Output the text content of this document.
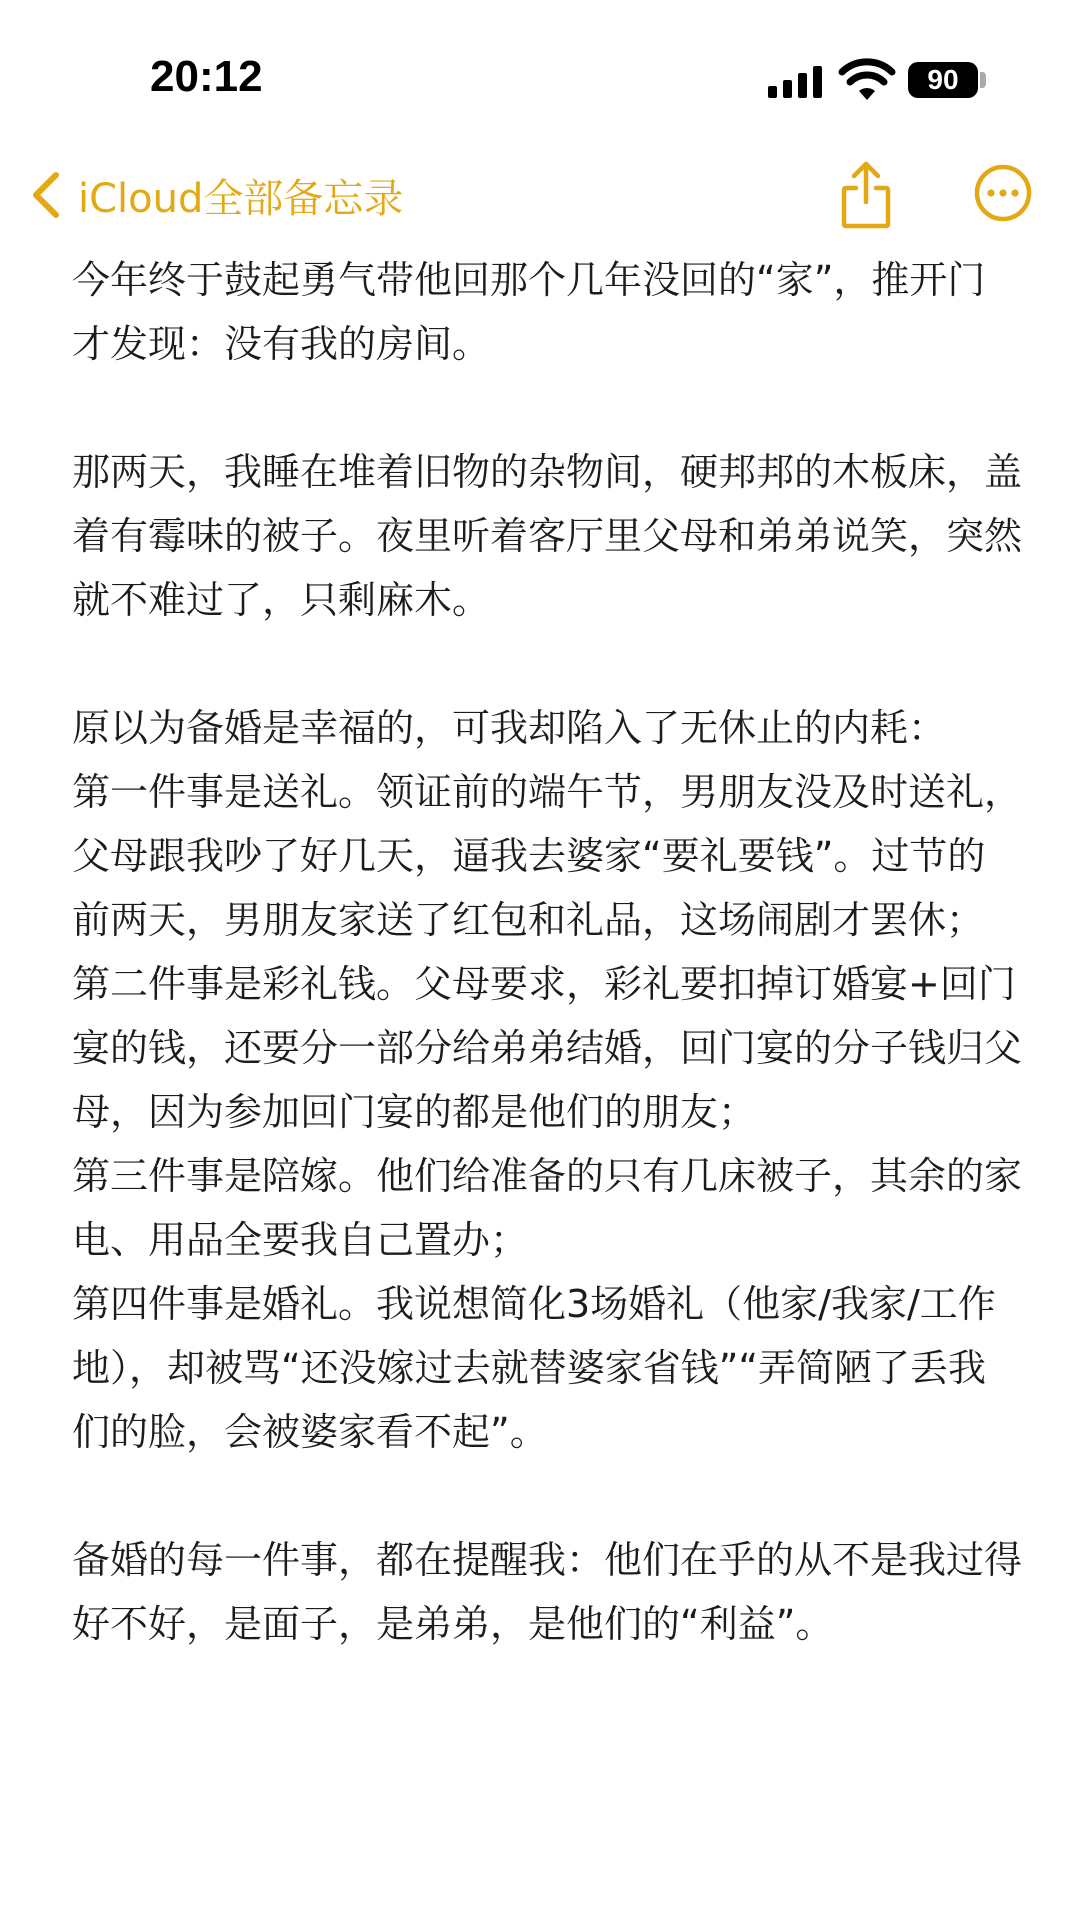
20:12	90
iCloud全部备忘录

今年终于鼓起勇气带他回那个几年没回的“家”，推开门才发现：没有我的房间。

那两天，我睡在堆着旧物的杂物间，硬邦邦的木板床，盖着有霉味的被子。夜里听着客厅里父母和弟弟说笑，突然就不难过了，只剩麻木。

原以为备婚是幸福的，可我却陷入了无休止的内耗：

第一件事是送礼。领证前的端午节，男朋友没及时送礼，父母跟我吵了好几天，逼我去婆家“要礼要钱”。过节的前两天，男朋友家送了红包和礼品，这场闹剧才罢休；

第二件事是彩礼钱。父母要求，彩礼要扣掉订婚宴+回门宴的钱，还要分一部分给弟弟结婚，回门宴的分子钱归父母，因为参加回门宴的都是他们的朋友；

第三件事是陪嫁。他们给准备的只有几床被子，其余的家电、用品全要我自己置办；

第四件事是婚礼。我说想简化3场婚礼（他家/我家/工作地），却被骂“还没嫁过去就替婆家省钱”“弄简陋了丢我们的脸，会被婆家看不起”。

备婚的每一件事，都在提醒我：他们在乎的从不是我过得好不好，是面子，是弟弟，是他们的“利益”。
